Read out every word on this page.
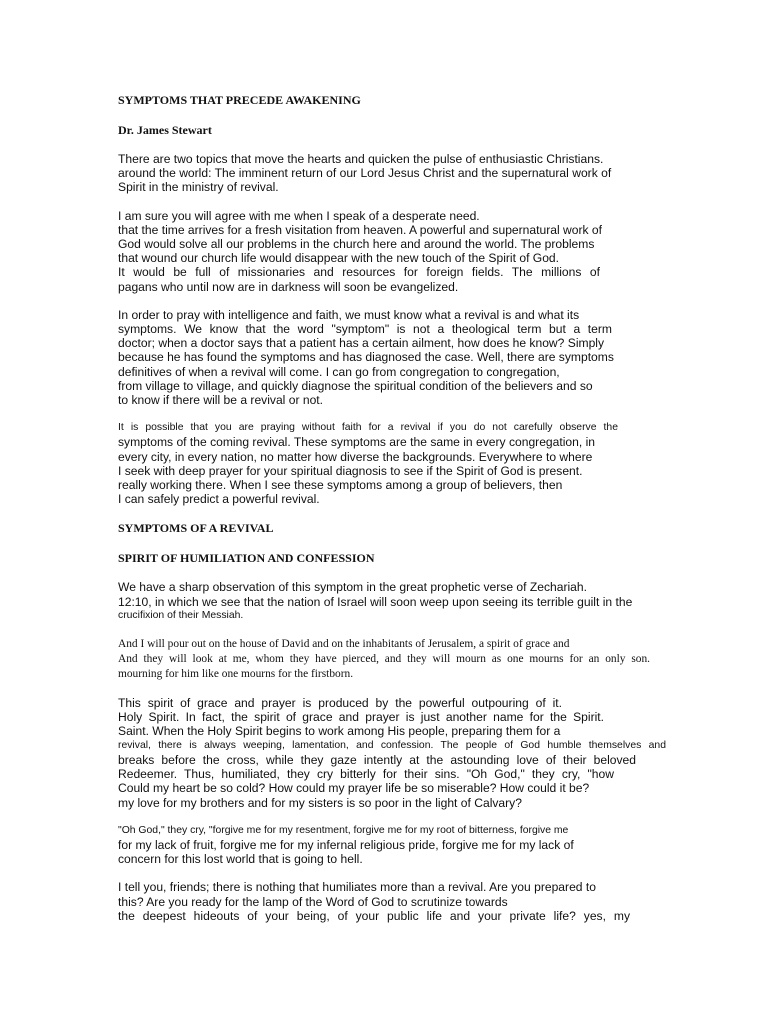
SYMPTOMS THAT PRECEDE AWAKENING

Dr. James Stewart

There are two topics that move the hearts and quicken the pulse of enthusiastic Christians.
around the world: The imminent return of our Lord Jesus Christ and the supernatural work of
Spirit in the ministry of revival.

I am sure you will agree with me when I speak of a desperate need.
that the time arrives for a fresh visitation from heaven. A powerful and supernatural work of
God would solve all our problems in the church here and around the world. The problems
that wound our church life would disappear with the new touch of the Spirit of God.
It would be full of missionaries and resources for foreign fields. The millions of
pagans who until now are in darkness will soon be evangelized.

In order to pray with intelligence and faith, we must know what a revival is and what its
symptoms. We know that the word "symptom" is not a theological term but a term
doctor; when a doctor says that a patient has a certain ailment, how does he know? Simply
because he has found the symptoms and has diagnosed the case. Well, there are symptoms
definitives of when a revival will come. I can go from congregation to congregation,
from village to village, and quickly diagnose the spiritual condition of the believers and so
to know if there will be a revival or not.

It is possible that you are praying without faith for a revival if you do not carefully observe the
symptoms of the coming revival. These symptoms are the same in every congregation, in
every city, in every nation, no matter how diverse the backgrounds. Everywhere to where
I seek with deep prayer for your spiritual diagnosis to see if the Spirit of God is present.
really working there. When I see these symptoms among a group of believers, then
I can safely predict a powerful revival.

SYMPTOMS OF A REVIVAL

SPIRIT OF HUMILIATION AND CONFESSION

We have a sharp observation of this symptom in the great prophetic verse of Zechariah.
12:10, in which we see that the nation of Israel will soon weep upon seeing its terrible guilt in the
crucifixion of their Messiah.

And I will pour out on the house of David and on the inhabitants of Jerusalem, a spirit of grace and
And they will look at me, whom they have pierced, and they will mourn as one mourns for an only son.
mourning for him like one mourns for the firstborn.

This spirit of grace and prayer is produced by the powerful outpouring of it.
Holy Spirit. In fact, the spirit of grace and prayer is just another name for the Spirit.
Saint. When the Holy Spirit begins to work among His people, preparing them for a
revival, there is always weeping, lamentation, and confession. The people of God humble themselves and
breaks before the cross, while they gaze intently at the astounding love of their beloved
Redeemer. Thus, humiliated, they cry bitterly for their sins. "Oh God," they cry, "how
Could my heart be so cold? How could my prayer life be so miserable? How could it be?
my love for my brothers and for my sisters is so poor in the light of Calvary?

"Oh God," they cry, "forgive me for my resentment, forgive me for my root of bitterness, forgive me
for my lack of fruit, forgive me for my infernal religious pride, forgive me for my lack of
concern for this lost world that is going to hell.

I tell you, friends; there is nothing that humiliates more than a revival. Are you prepared to
this? Are you ready for the lamp of the Word of God to scrutinize towards
the deepest hideouts of your being, of your public life and your private life? yes, my
